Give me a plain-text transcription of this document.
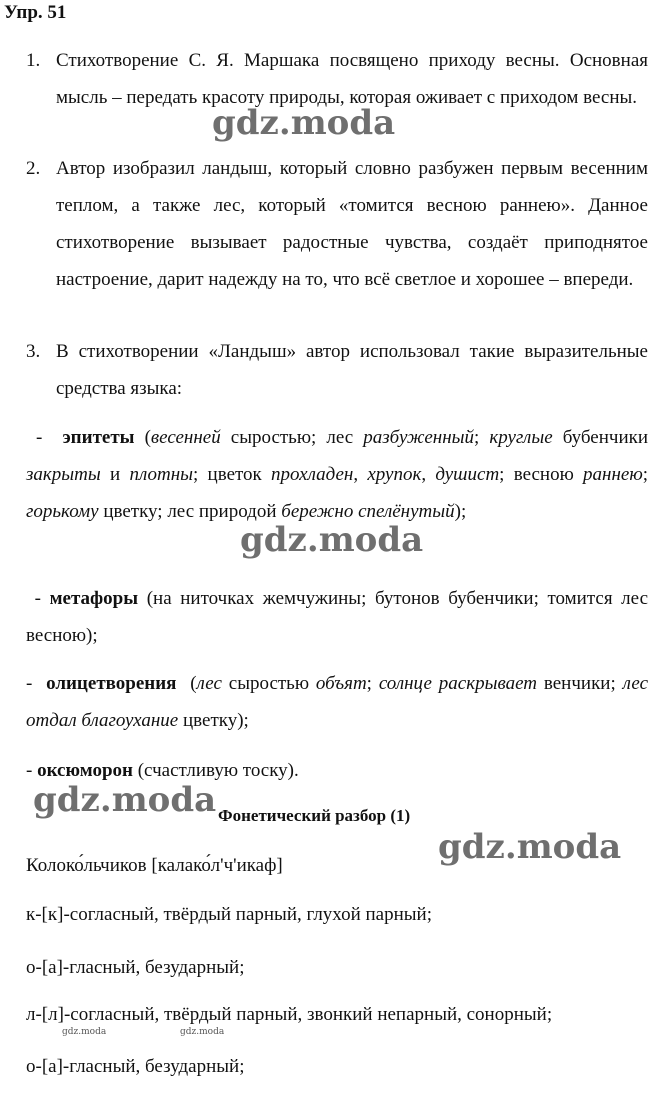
Упр. 51
1. Стихотворение С. Я. Маршака посвящено приходу весны. Основная мысль – передать красоту природы, которая оживает с приходом весны.
2. Автор изобразил ландыш, который словно разбужен первым весенним теплом, а также лес, который «томится весною раннею». Данное стихотворение вызывает радостные чувства, создаёт приподнятое настроение, дарит надежду на то, что всё светлое и хорошее – впереди.
3. В стихотворении «Ландыш» автор использовал такие выразительные средства языка:
- эпитеты (весенней сыростью; лес разбуженный; круглые бубенчики закрыты и плотны; цветок прохладен, хрупок, душист; весною раннею; горькому цветку; лес природой бережно спелёнутый);
- метафоры (на ниточках жемчужины; бутонов бубенчики; томится лес весною);
- олицетворения (лес сыростью объят; солнце раскрывает венчики; лес отдал благоухание цветку);
- оксюморон (счастливую тоску).
Фонетический разбор (1)
Колоко́льчиков [калако́л'ч'икаф]
к-[к]-согласный, твёрдый парный, глухой парный;
о-[а]-гласный, безударный;
л-[л]-согласный, твёрдый парный, звонкий непарный, сонорный;
о-[а]-гласный, безударный;
gdz.moda
gdz.moda
gdz.moda
gdz.moda
gdz.moda	gdz.moda
